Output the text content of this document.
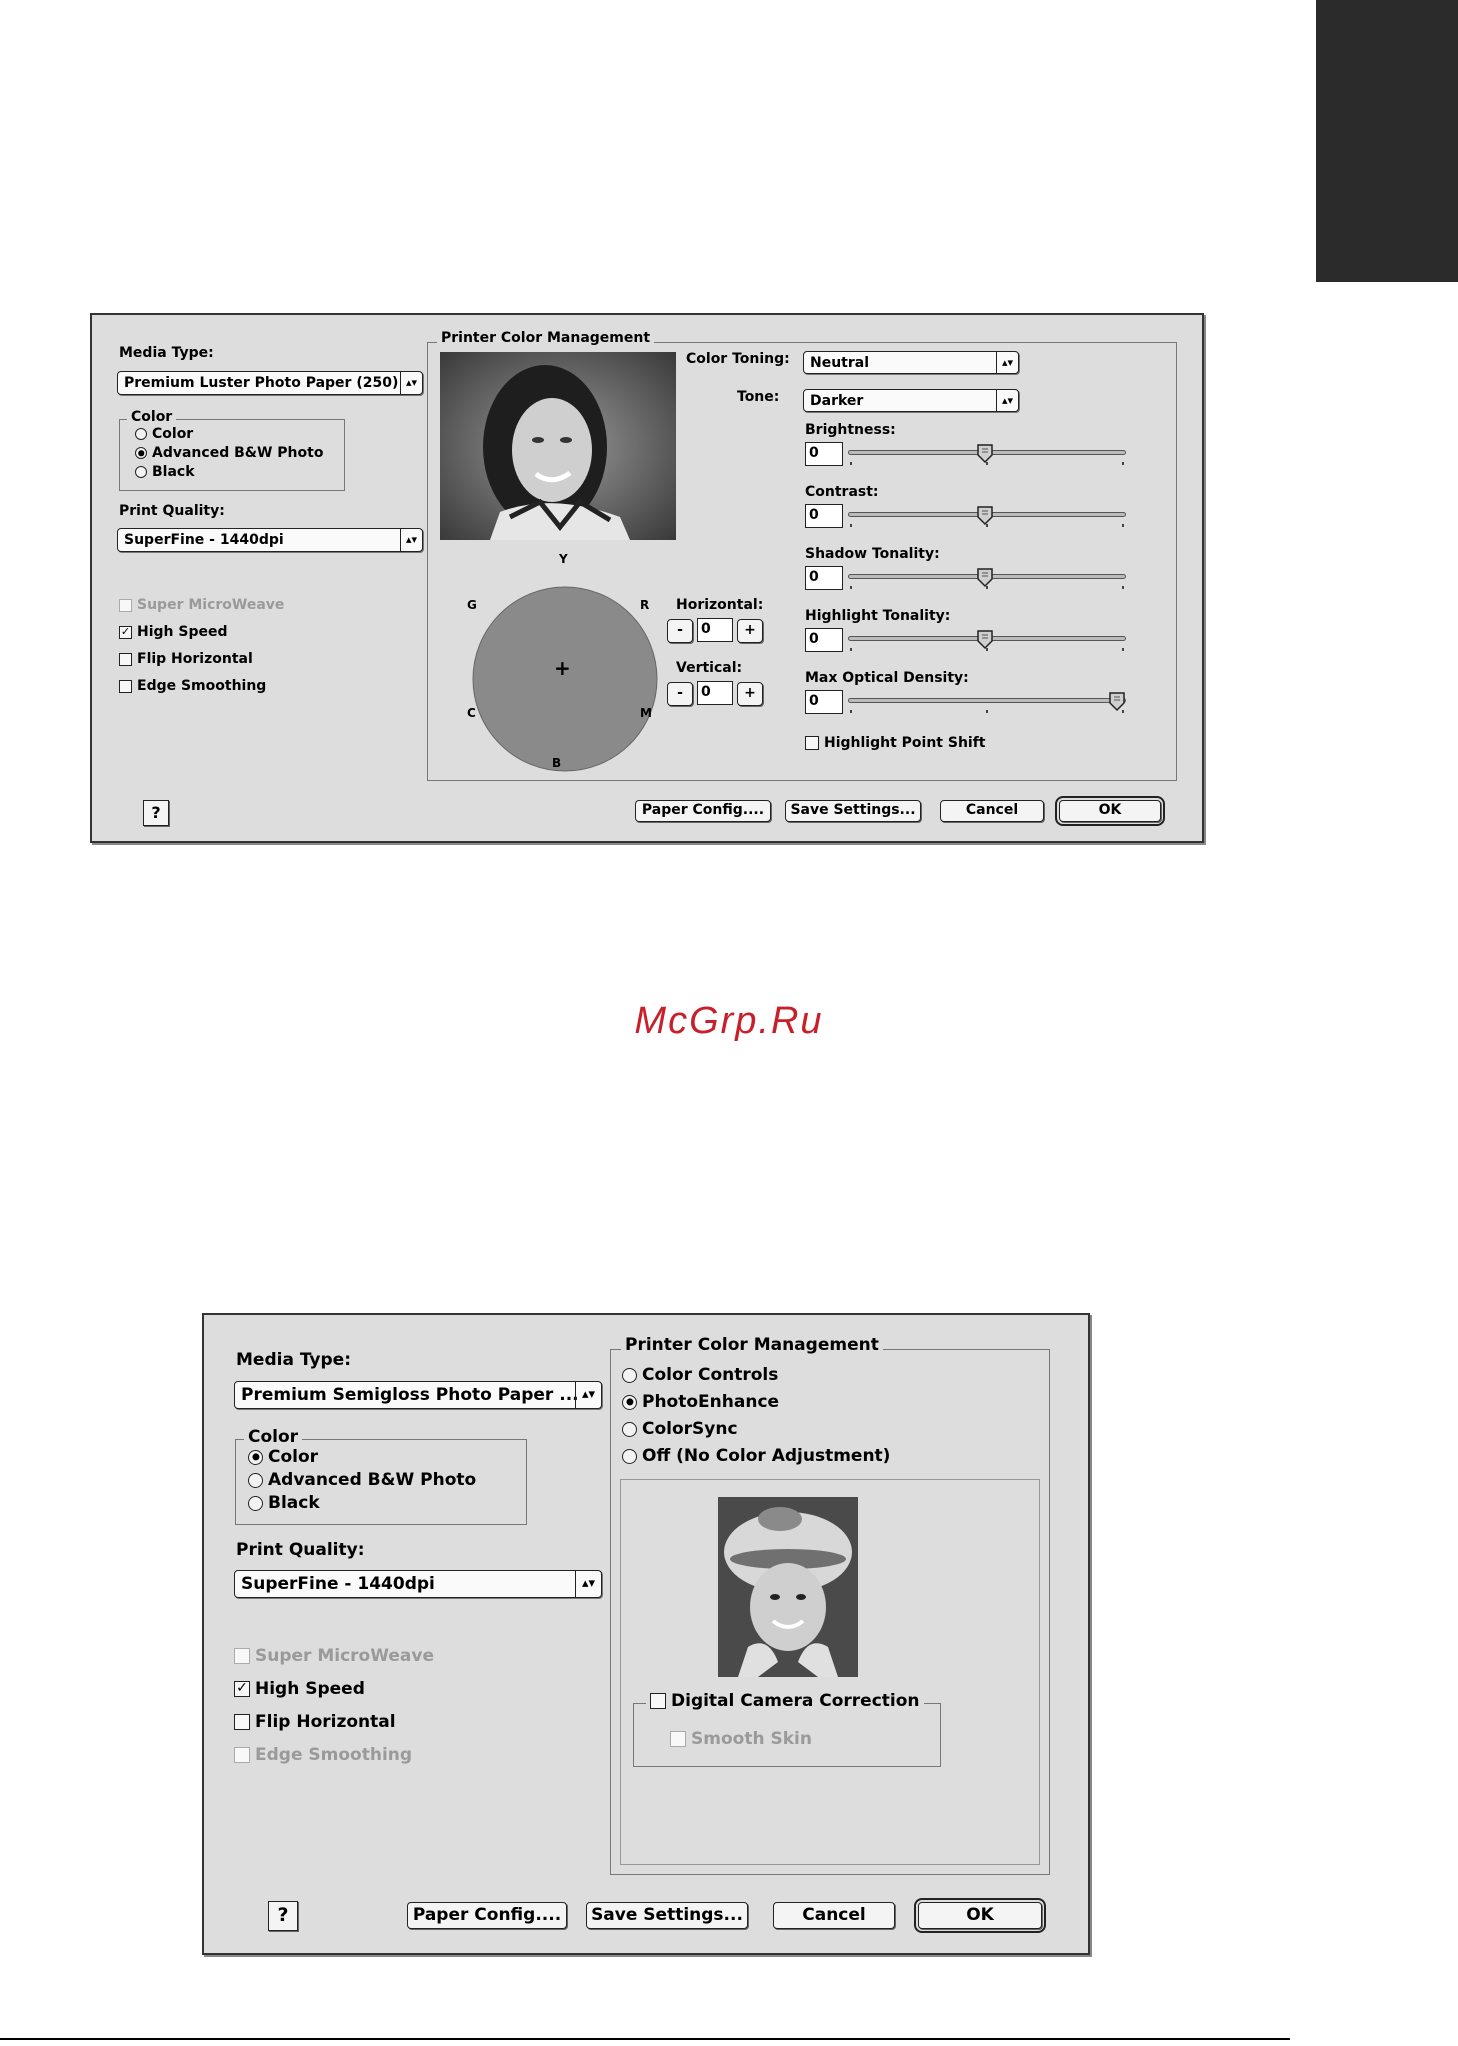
Media Type:
Premium Luster Photo Paper (250) ▴▾
Color
Color
Advanced B&W Photo
Black
Print Quality:
SuperFine - 1440dpi	▴▾
Super MicroWeave
✓ High Speed
Flip Horizontal
Edge Smoothing
Printer Color Management
+
Y
R
M
B
C
G	Horizontal:
-	0	+
Vertical:
-	0	+
Color Toning: Neutral	▴▾
Tone: Darker	▴▾
Brightness:
0
Contrast:
0
Shadow Tonality:
0
Highlight Tonality:
0
Max Optical Density:
0
Highlight Point Shift
?	Paper Config....	Save Settings...	Cancel	OK
McGrp.Ru
Media Type:
Premium Semigloss Photo Paper ... ▴▾
Color
Color
Advanced B&W Photo
Black
Print Quality:
SuperFine - 1440dpi	▴▾
Super MicroWeave
✓ High Speed
Flip Horizontal
Edge Smoothing
Printer Color Management
Color Controls
PhotoEnhance
ColorSync
Off (No Color Adjustment)
Digital Camera Correction
Smooth Skin
?	Paper Config....	Save Settings...	Cancel	OK
